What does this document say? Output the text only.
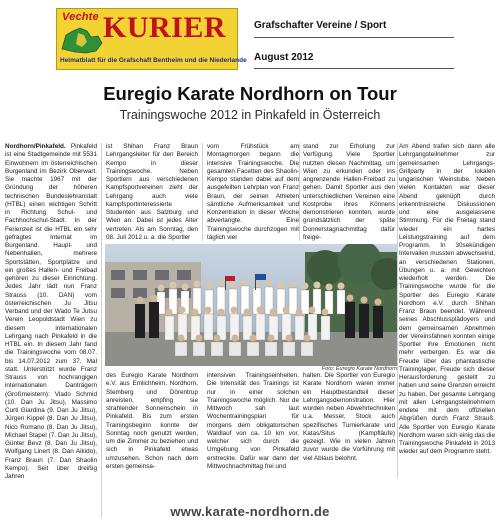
Vechte KURIER
Heimatblatt für die Grafschaft Bentheim und die Niederlande
Grafschafter Vereine / Sport
August 2012
Euregio Karate Nordhorn on Tour
Trainingswoche 2012 in Pinkafeld in Österreich
Nordhorn/Pinkafeld. Pinkafeld ist eine Stadtgemeinde mit 5531 Einwohnern im österreichischen Burgenland im Bezirk Oberwart. Sie machte 1967 mit der Gründung der höheren technischen Bundeslehranstalt (HTBL) einen wichtigen Schritt in Richtung Schul- und Fachhochschul-Stadt. In der Ferienzeit ist die HTBL ein sehr gefragtes Internat im Burgenland. Haupt- und Nebenhallen, mehrere Sportstätten, Sportplätze und ein großes Hallen- und Freibad gehören zu dieser Einrichtung. Jedes Jahr lädt nun Franz Strauss (10. DAN) vom österreichischen Ju Jitsu Verband und der Wado Te Jutsu Verein Leopoldstadt Wien zu diesem internationalen Lehrgang nach Pinkafeld in die HTBL ein. In diesem Jahr fand die Trainingswoche vom 08.07. bis 14.07.2012 zum 37. Mal statt. Unterstützt wurde Franz Strauss von hochrangigen internationalen Danträgern (Großmeistern): Vlado Schmid (10. Dan Ju Jitsu), Massimo Curti Giardina (9. Dan Ju Jitsu), Jürgen Kippel (8. Dan Ju Jitsu), Nico Romano (8. Dan Ju Jitsu), Michael Stapel (7. Dan Ju Jitsu), Günter Bevz (8. Dan Ju Jitsu), Wolfgang Linert (8. Dan Aikido), Franz Braun (7. Dan Shaolin Kempo). Seit über dreißig Jahren
ist Shihan Franz Braun Lehrgangsleiter für den Bereich Kempo in dieser Trainingswoche. Neben Sportlern aus verschiedenen Kampfsportvereinen zieht der Lehrgang auch viele kampfsportinteressierte Studenten aus Salzburg und Wien an. Dabei ist jedes Alter vertreten. Als am Sonntag, den 08. Juli 2012 u. a. die Sportler
vom Frühstück am Montagmorgen begann die intensive Trainingswoche. Die gesamten Facetten des Shaolin-Kempo standen dabei auf dem ausgefeilten Lehrplan von Franz Braun, der seinen Athleten sämtliche Aufmerksamkeit und Konzentration in dieser Woche abverlangte. Eine Trainingswoche durchzogen mit täglich vier
stand zur Erholung zur Verfügung. Viele Sportler nutzten diesen Nachmittag, um Wien zu erkunden oder ins angrenzende Hallen-Freibad zu gehen. Damit Sportler aus den unterschiedlichen Vereinen eine Kostprobe ihres Könnens demonstrieren konnten, wurde grundsätzlich der späte Donnerstagnachmittag dafür freige-
Am Abend trafen sich dann alle Lehrgangsteilnehmer zur gemeinsamen Lehrgangs-Grillparty in der lokalen ungarischen Weinstube. Neben vielen Kontakten war dieser Abend geknüpft durch erkenntnisreiche Diskussionen und eine ausgelassene Stimmung. Für die Freitag stand wieder ein hartes Leistungstraining auf dem Programm. In 30sekündigen Intervallen mussten abwechselnd, an verschiedenen Stationen, Übungen u. a. mit Gewichten wiederholt werden. Die Trainingswoche wurde für die Sportler des Euregio Karate Nordhorn e.V. durch Shihan Franz Braun beendet. Während seines Abschlussplädoyers und dem gemeinsamen Abnehmen der Vereinsfahnen konnten einige Sportler ihre Emotionen nicht mehr verbergen. Es war die Freude über das phantastische Traininglager, Freude sich dieser Herausforderung gestellt zu haben und seine Grenzen erreicht zu haben. Der gesamte Lehrgang mit allen Lehrgangsteilnehmern endete mit dem offiziellen Abgrüßen durch Franz Strauß. Alle Sportler von Euregio Karate Nordhorn waren sich einig das die Trainingswoche Pinkafeld in 2013 wieder auf dem Programm steht.
Foto: Euregio Karate Nordhorn
des Euregio Karate Nordhorn e.V. aus Emlichheim, Nordhorn, Stemberg und Dörentrup anreisten, empfing sie strahlender Sonnenschein in Pinkafeld. Bis zum ersten Trainingsbeginn konnte der Sonntag noch genutzt werden, um die Zimmer zu beziehen und sich in Pinkafeld etwas umzusehen. Schon nach dem ersten gemeinsa-
intensiven Trainingseinheiten. Die Intensität des Trainings ist nur in einer solchen Trainingswoche möglich. Nur de Mittwoch sah laut Wochentrainingsplan für morgens dem obligatorischen Waldlauf von ca. 10 km vor, welcher sich durch die Umgebung von Pinkafeld erstreckte. Dafür war dann der Mittwochnachmittag frei und
halten. Die Sportler von Euregio Karate Nordhorn waren immer ein Hauptbestandteil dieser Lehrgangsdemonstration. Hier wurden neben Abwehrtechniken u.a. Messer, Stock auch spezifisches Turnierkarate und Katas/Situs (Kampfläufe) gezeigt. Wie in vielen Jahren zuvor wurde die Vorführung mit viel Ablaus belohnt.
www.karate-nordhorn.de
